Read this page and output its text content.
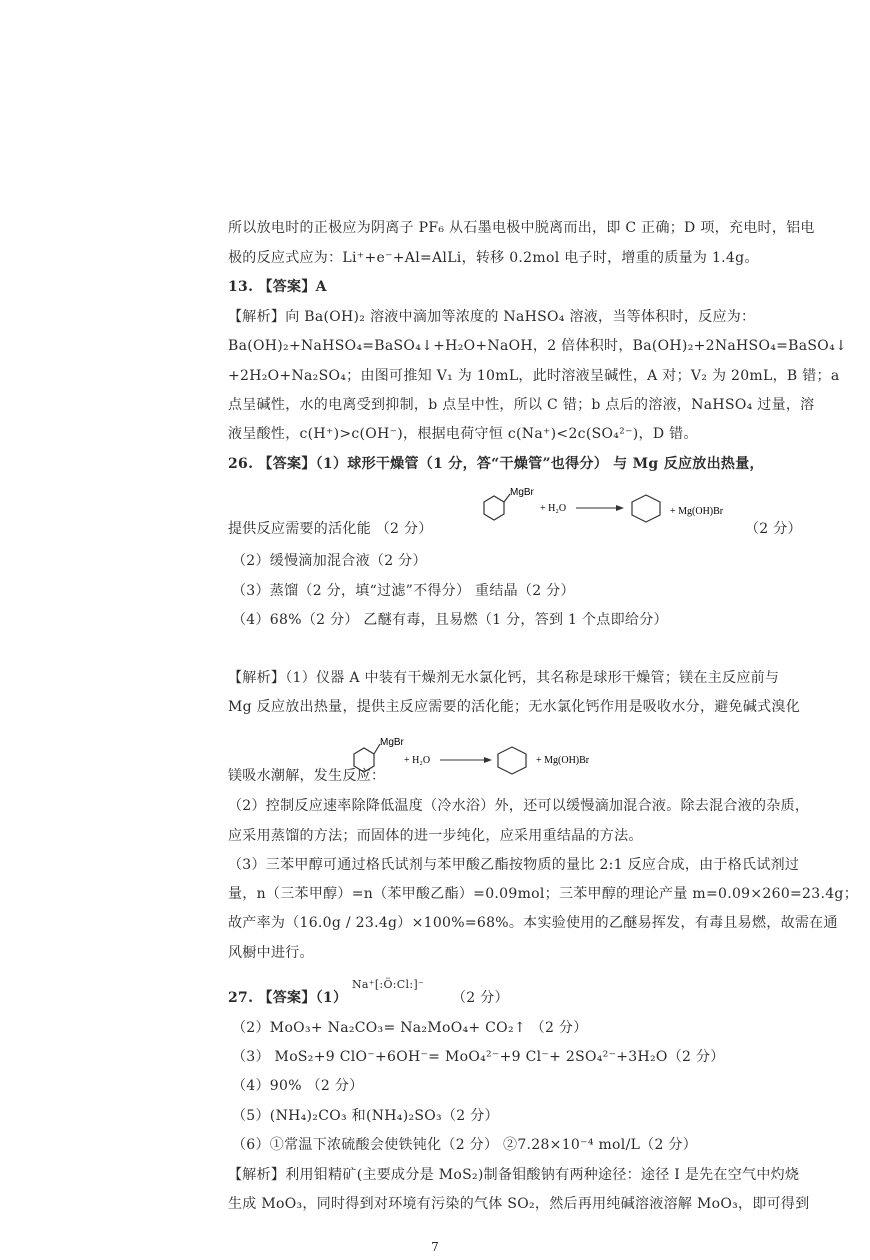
所以放电时的正极应为阴离子 PF₆ 从石墨电极中脱离而出，即 C 正确；D 项，充电时，铝电
极的反应式应为：Li⁺+e⁻+Al=AlLi，转移 0.2mol 电子时，增重的质量为 1.4g。
13. 【答案】A
【解析】向 Ba(OH)₂ 溶液中滴加等浓度的 NaHSO₄ 溶液，当等体积时，反应为：
Ba(OH)₂+NaHSO₄=BaSO₄↓+H₂O+NaOH，2 倍体积时，Ba(OH)₂+2NaHSO₄=BaSO₄↓
+2H₂O+Na₂SO₄；由图可推知 V₁ 为 10mL，此时溶液呈碱性，A 对；V₂ 为 20mL，B 错；a
点呈碱性，水的电离受到抑制，b 点呈中性，所以 C 错；b 点后的溶液，NaHSO₄ 过量，溶
液呈酸性，c(H⁺)>c(OH⁻)，根据电荷守恒 c(Na⁺)<2c(SO₄²⁻)，D 错。
26. 【答案】（1）球形干燥管（1 分，答“干燥管”也得分） 与 Mg 反应放出热量，
MgBr
+ H₂O	+ Mg(OH)Br
提供反应需要的活化能 （2 分）	（2 分）
（2）缓慢滴加混合液（2 分）
（3）蒸馏（2 分，填“过滤”不得分） 重结晶（2 分）
（4）68%（2 分） 乙醚有毒，且易燃（1 分，答到 1 个点即给分）
【解析】（1）仪器 A 中装有干燥剂无水氯化钙，其名称是球形干燥管；镁在主反应前与
Mg 反应放出热量，提供主反应需要的活化能；无水氯化钙作用是吸收水分，避免碱式溴化
MgBr
+ H₂O	+ Mg(OH)Br
镁吸水潮解，发生反应：
（2）控制反应速率除降低温度（冷水浴）外，还可以缓慢滴加混合液。除去混合液的杂质，
应采用蒸馏的方法；而固体的进一步纯化，应采用重结晶的方法。
（3）三苯甲醇可通过格氏试剂与苯甲酸乙酯按物质的量比 2:1 反应合成，由于格氏试剂过
量，n（三苯甲醇）=n（苯甲酸乙酯）=0.09mol；三苯甲醇的理论产量 m=0.09×260=23.4g；
故产率为（16.0g / 23.4g）×100%=68%。本实验使用的乙醚易挥发，有毒且易燃，故需在通
风橱中进行。
27. 【答案】（1）
Na⁺[:Ö:Cl:]⁻
（2 分）
（2）MoO₃+ Na₂CO₃= Na₂MoO₄+ CO₂↑ （2 分）
（3） MoS₂+9 ClO⁻+6OH⁻= MoO₄²⁻+9 Cl⁻+ 2SO₄²⁻+3H₂O（2 分）
（4）90% （2 分）
（5）(NH₄)₂CO₃ 和(NH₄)₂SO₃（2 分）
（6）①常温下浓硫酸会使铁钝化（2 分） ②7.28×10⁻⁴ mol/L（2 分）
【解析】利用钼精矿(主要成分是 MoS₂)制备钼酸钠有两种途径：途径 I 是先在空气中灼烧
生成 MoO₃，同时得到对环境有污染的气体 SO₂，然后再用纯碱溶液溶解 MoO₃，即可得到
7
